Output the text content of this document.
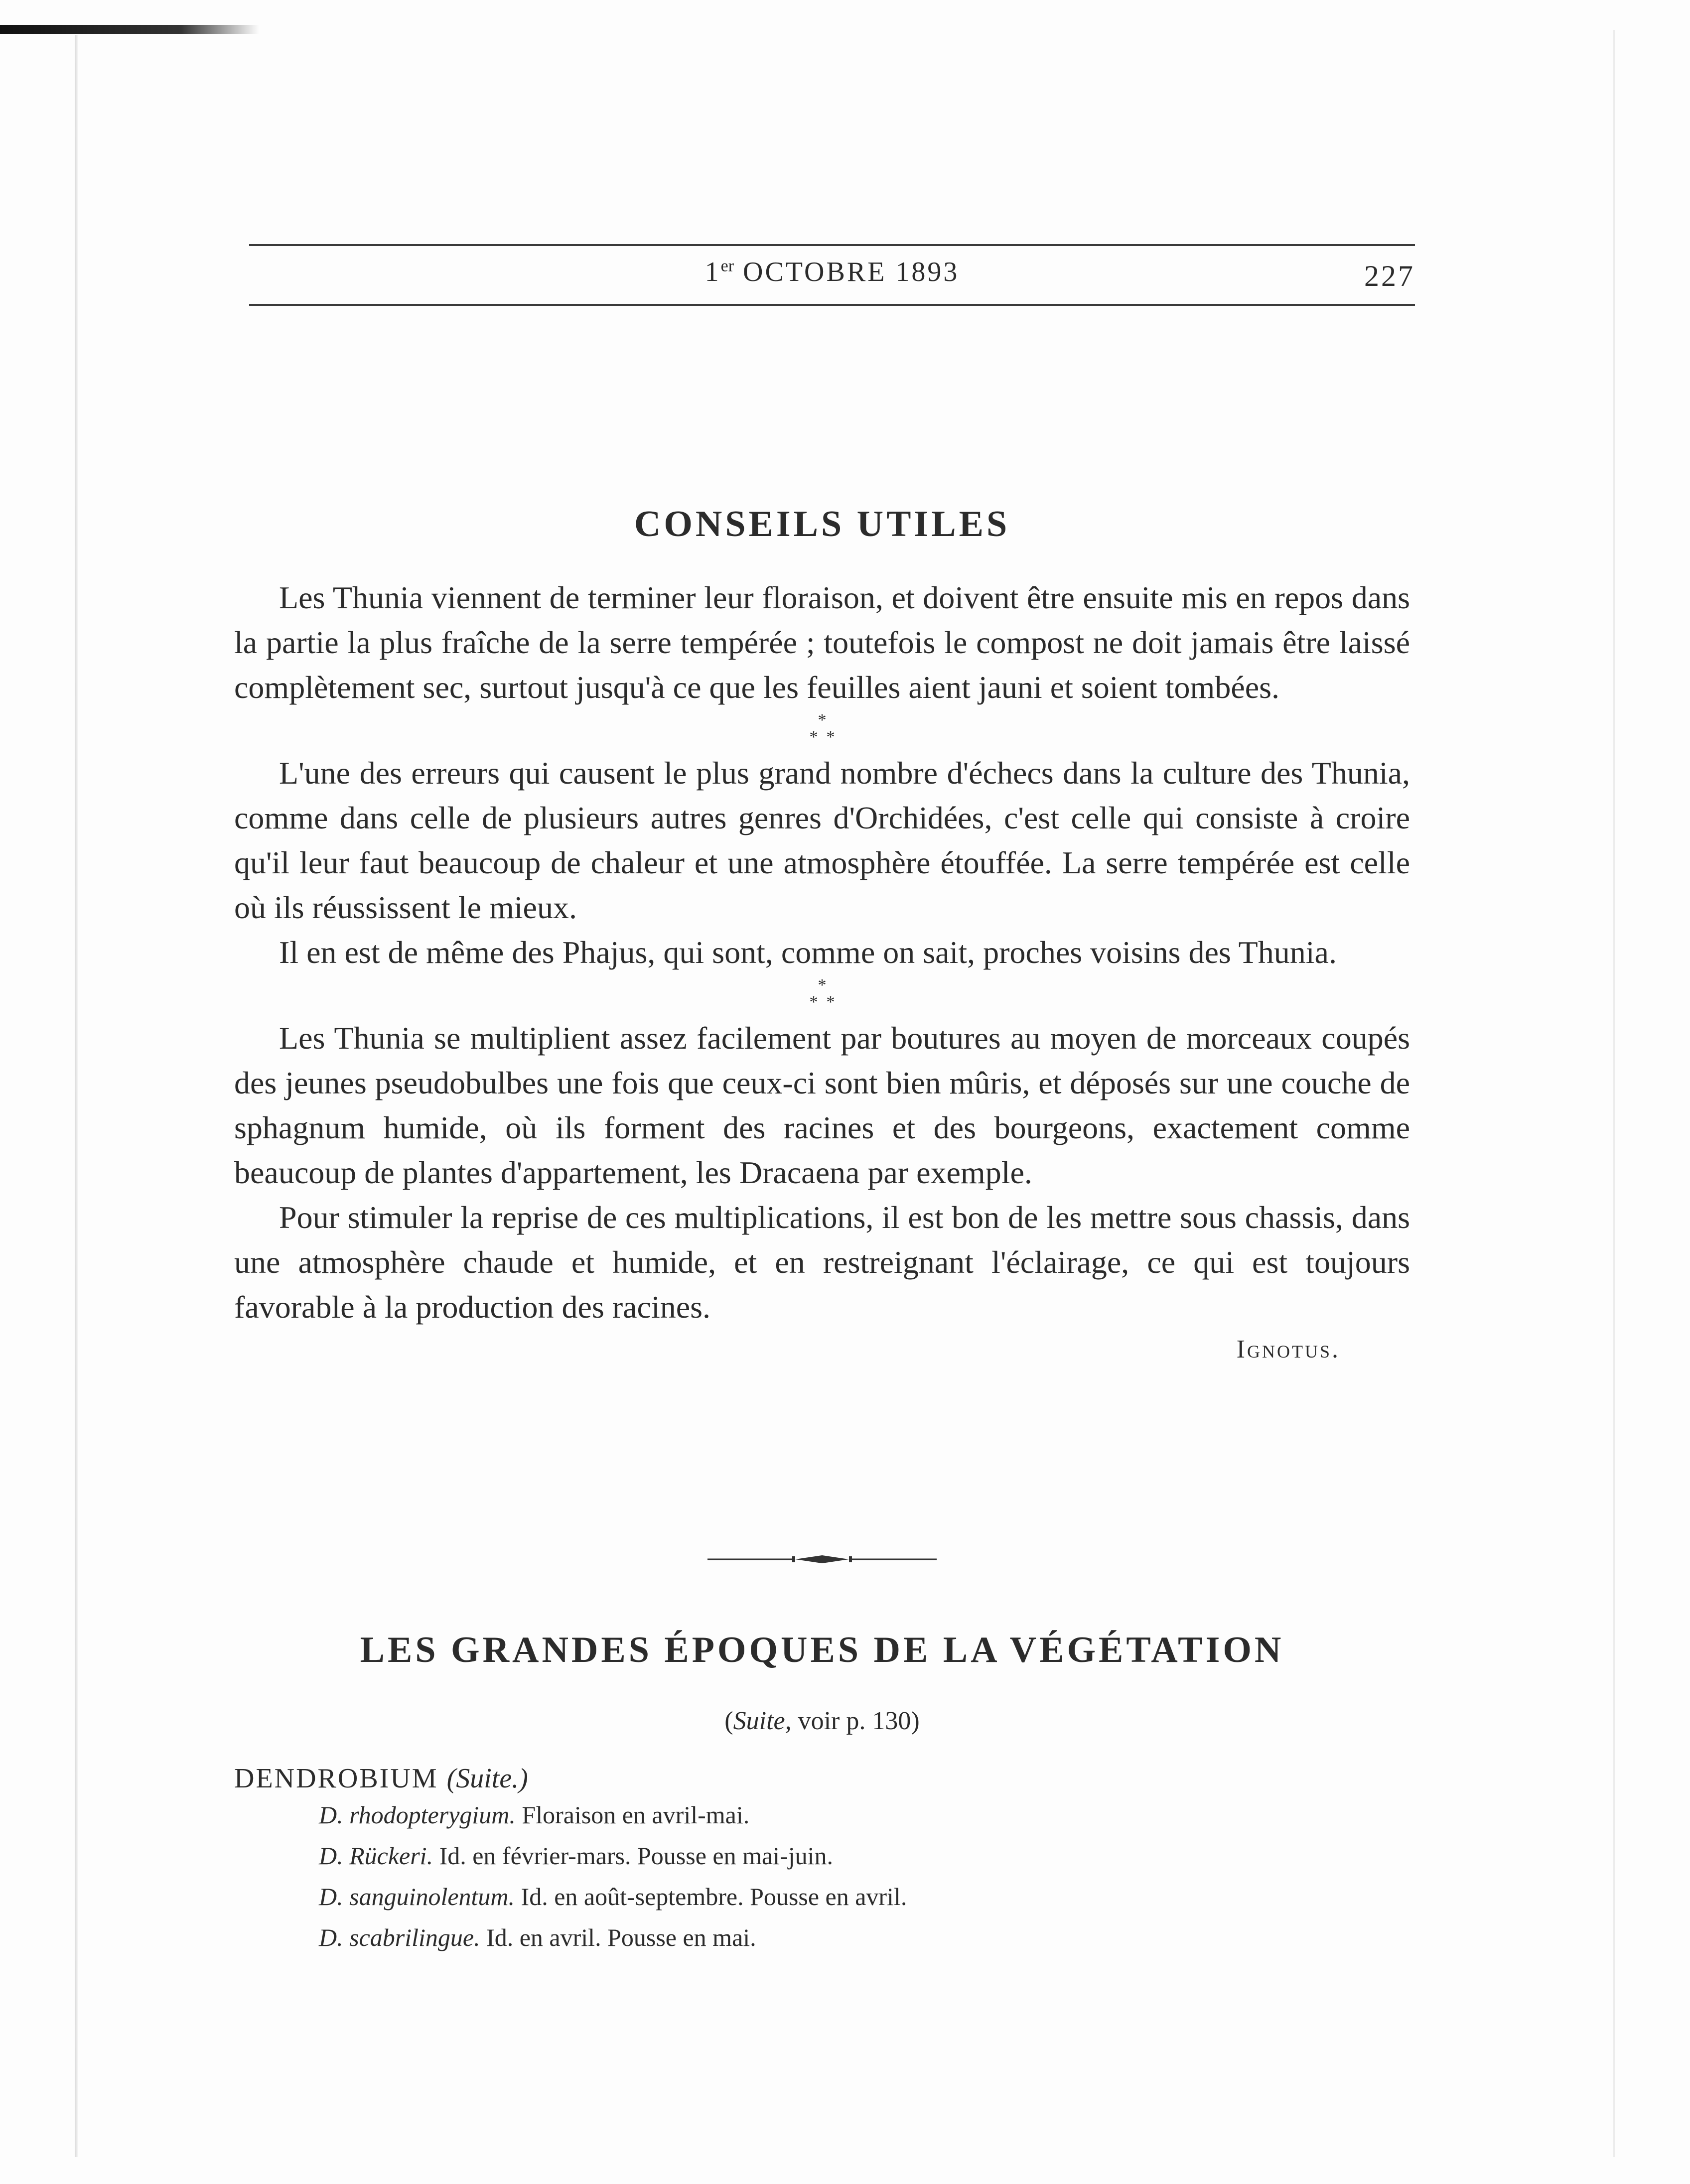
1er OCTOBRE 1893	227
CONSEILS UTILES

Les Thunia viennent de terminer leur floraison, et doivent être ensuite mis en repos dans la partie la plus fraîche de la serre tempérée ; toutefois le compost ne doit jamais être laissé complètement sec, surtout jusqu'à ce que les feuilles aient jauni et soient tombées.

*
* *

L'une des erreurs qui causent le plus grand nombre d'échecs dans la culture des Thunia, comme dans celle de plusieurs autres genres d'Orchidées, c'est celle qui consiste à croire qu'il leur faut beaucoup de chaleur et une atmosphère étouffée. La serre tempérée est celle où ils réussissent le mieux.

Il en est de même des Phajus, qui sont, comme on sait, proches voisins des Thunia.

*
* *

Les Thunia se multiplient assez facilement par boutures au moyen de morceaux coupés des jeunes pseudobulbes une fois que ceux-ci sont bien mûris, et déposés sur une couche de sphagnum humide, où ils forment des racines et des bourgeons, exactement comme beaucoup de plantes d'appartement, les Dracaena par exemple.

Pour stimuler la reprise de ces multiplications, il est bon de les mettre sous chassis, dans une atmosphère chaude et humide, et en restreignant l'éclairage, ce qui est toujours favorable à la production des racines.

Ignotus.
LES GRANDES ÉPOQUES DE LA VÉGÉTATION

(Suite, voir p. 130)

DENDROBIUM (Suite.)

D. rhodopterygium. Floraison en avril-mai.
D. Rückeri. Id. en février-mars. Pousse en mai-juin.
D. sanguinolentum. Id. en août-septembre. Pousse en avril.
D. scabrilingue. Id. en avril. Pousse en mai.
